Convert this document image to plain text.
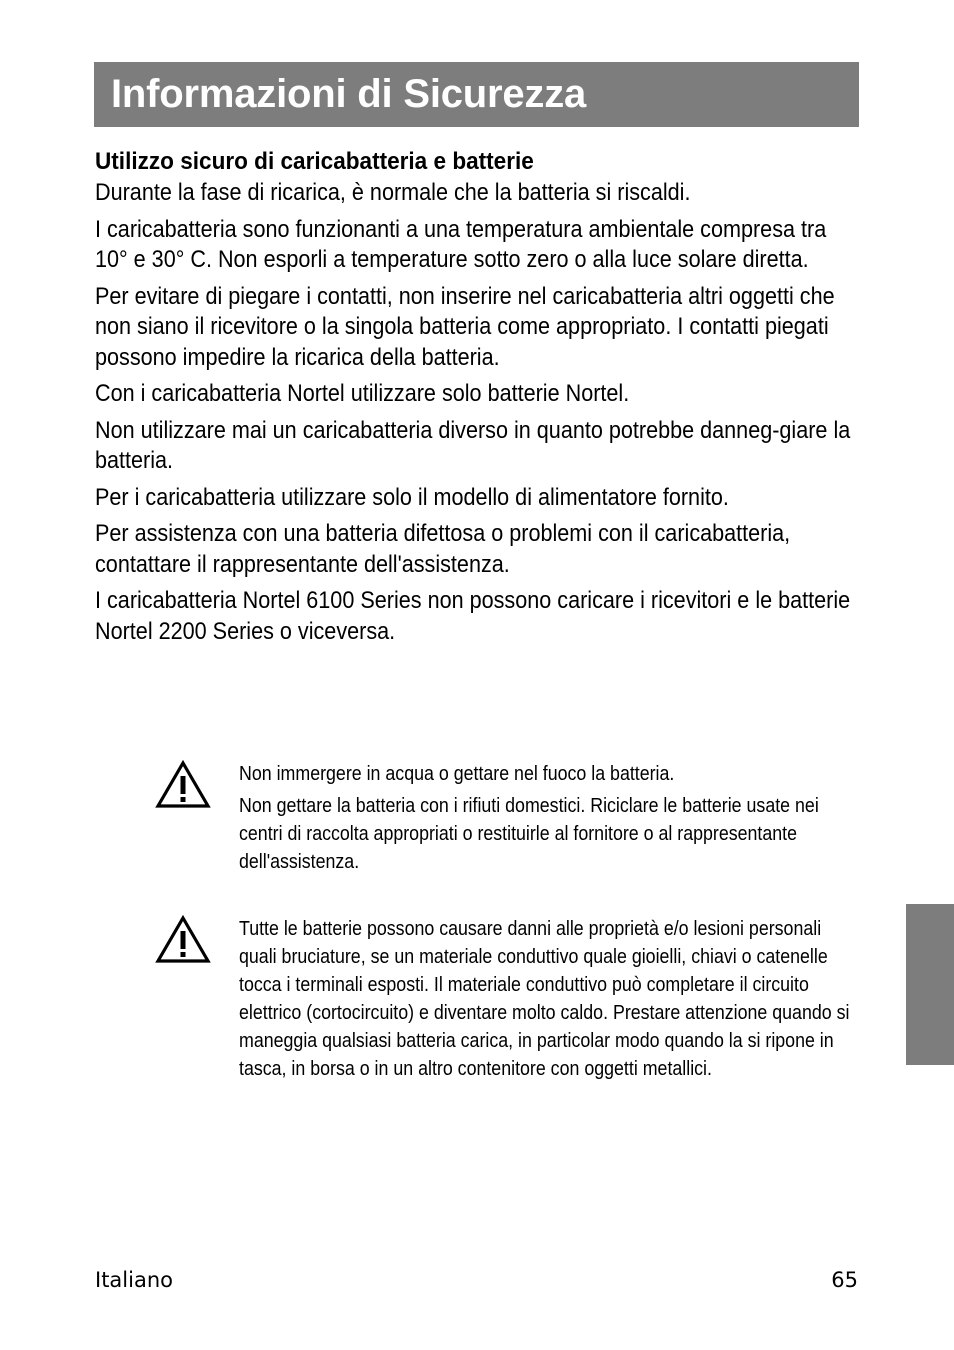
Informazioni di Sicurezza
Utilizzo sicuro di caricabatteria e batterie

Durante la fase di ricarica, è normale che la batteria si riscaldi.

I caricabatteria sono funzionanti a una temperatura ambientale compresa tra 10° e 30° C. Non esporli a temperature sotto zero o alla luce solare diretta.

Per evitare di piegare i contatti, non inserire nel caricabatteria altri oggetti che non siano il ricevitore o la singola batteria come appropriato. I contatti piegati possono impedire la ricarica della batteria.

Con i caricabatteria Nortel utilizzare solo batterie Nortel.

Non utilizzare mai un caricabatteria diverso in quanto potrebbe danneg-giare la batteria.

Per i caricabatteria utilizzare solo il modello di alimentatore fornito.

Per assistenza con una batteria difettosa o problemi con il caricabatteria, contattare il rappresentante dell'assistenza.

I caricabatteria Nortel 6100 Series non possono caricare i ricevitori e le batterie Nortel 2200 Series o viceversa.

Non immergere in acqua o gettare nel fuoco la batteria.

Non gettare la batteria con i rifiuti domestici. Riciclare le batterie usate nei centri di raccolta appropriati o restituirle al fornitore o al rappresentante dell'assistenza.

Tutte le batterie possono causare danni alle proprietà e/o lesioni personali quali bruciature, se un materiale conduttivo quale gioielli, chiavi o catenelle tocca i terminali esposti. Il materiale conduttivo può completare il circuito elettrico (cortocircuito) e diventare molto caldo. Prestare attenzione quando si maneggia qualsiasi batteria carica, in particolar modo quando la si ripone in tasca, in borsa o in un altro contenitore con oggetti metallici.

Italiano	65
